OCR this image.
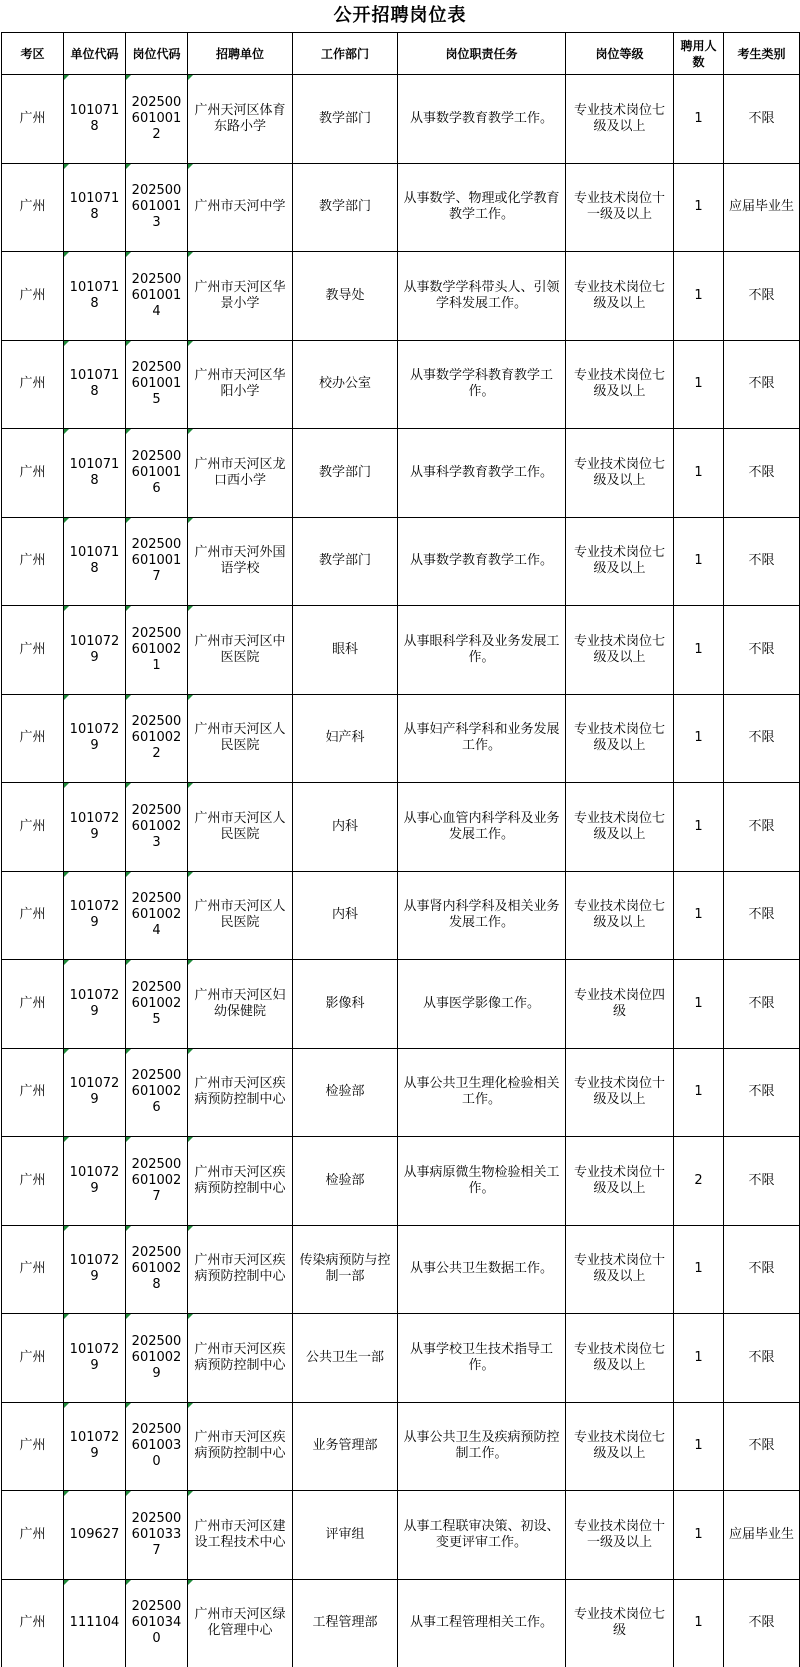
公开招聘岗位表
考区	单位代码	岗位代码	招聘单位	工作部门	岗位职责任务	岗位等级	聘用人数	考生类别
广州	1010718	2025006010012	广州天河区体育东路小学	教学部门	从事数学教育教学工作。	专业技术岗位七级及以上	1	不限
广州	1010718	2025006010013	广州市天河中学	教学部门	从事数学、物理或化学教育教学工作。	专业技术岗位十一级及以上	1	应届毕业生
广州	1010718	2025006010014	广州市天河区华景小学	教导处	从事数学学科带头人、引领学科发展工作。	专业技术岗位七级及以上	1	不限
广州	1010718	2025006010015	广州市天河区华阳小学	校办公室	从事数学学科教育教学工作。	专业技术岗位七级及以上	1	不限
广州	1010718	2025006010016	广州市天河区龙口西小学	教学部门	从事科学教育教学工作。	专业技术岗位七级及以上	1	不限
广州	1010718	2025006010017	广州市天河外国语学校	教学部门	从事数学教育教学工作。	专业技术岗位七级及以上	1	不限
广州	1010729	2025006010021	广州市天河区中医医院	眼科	从事眼科学科及业务发展工作。	专业技术岗位七级及以上	1	不限
广州	1010729	2025006010022	广州市天河区人民医院	妇产科	从事妇产科学科和业务发展工作。	专业技术岗位七级及以上	1	不限
广州	1010729	2025006010023	广州市天河区人民医院	内科	从事心血管内科学科及业务发展工作。	专业技术岗位七级及以上	1	不限
广州	1010729	2025006010024	广州市天河区人民医院	内科	从事肾内科学科及相关业务发展工作。	专业技术岗位七级及以上	1	不限
广州	1010729	2025006010025	广州市天河区妇幼保健院	影像科	从事医学影像工作。	专业技术岗位四级	1	不限
广州	1010729	2025006010026	广州市天河区疾病预防控制中心	检验部	从事公共卫生理化检验相关工作。	专业技术岗位十级及以上	1	不限
广州	1010729	2025006010027	广州市天河区疾病预防控制中心	检验部	从事病原微生物检验相关工作。	专业技术岗位十级及以上	2	不限
广州	1010729	2025006010028	广州市天河区疾病预防控制中心	传染病预防与控制一部	从事公共卫生数据工作。	专业技术岗位十级及以上	1	不限
广州	1010729	2025006010029	广州市天河区疾病预防控制中心	公共卫生一部	从事学校卫生技术指导工作。	专业技术岗位七级及以上	1	不限
广州	1010729	2025006010030	广州市天河区疾病预防控制中心	业务管理部	从事公共卫生及疾病预防控制工作。	专业技术岗位七级及以上	1	不限
广州	109627	2025006010337	广州市天河区建设工程技术中心	评审组	从事工程联审决策、初设、变更评审工作。	专业技术岗位十一级及以上	1	应届毕业生
广州	111104	2025006010340	广州市天河区绿化管理中心	工程管理部	从事工程管理相关工作。	专业技术岗位七级	1	不限
